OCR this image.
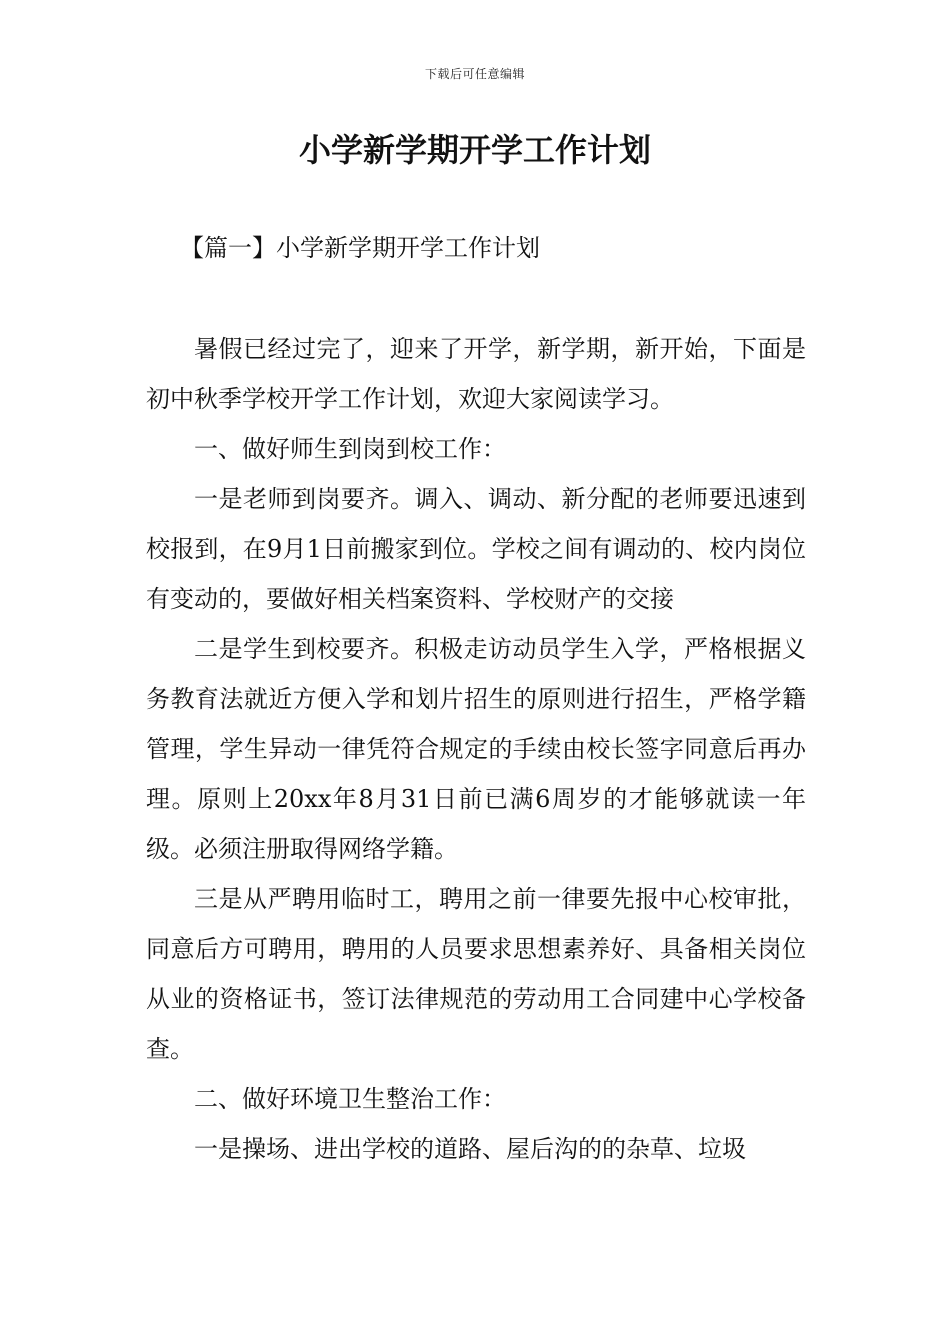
下载后可任意编辑
小学新学期开学工作计划
【篇一】小学新学期开学工作计划

暑假已经过完了，迎来了开学，新学期，新开始，下面是初中秋季学校开学工作计划，欢迎大家阅读学习。

一、做好师生到岗到校工作：

一是老师到岗要齐。调入、调动、新分配的老师要迅速到校报到，在9月1日前搬家到位。学校之间有调动的、校内岗位有变动的，要做好相关档案资料、学校财产的交接

二是学生到校要齐。积极走访动员学生入学，严格根据义务教育法就近方便入学和划片招生的原则进行招生，严格学籍管理，学生异动一律凭符合规定的手续由校长签字同意后再办理。原则上20xx年8月31日前已满6周岁的才能够就读一年级。必须注册取得网络学籍。

三是从严聘用临时工，聘用之前一律要先报中心校审批，同意后方可聘用，聘用的人员要求思想素养好、具备相关岗位从业的资格证书，签订法律规范的劳动用工合同建中心学校备查。

二、做好环境卫生整治工作：

一是操场、进出学校的道路、屋后沟的的杂草、垃圾
